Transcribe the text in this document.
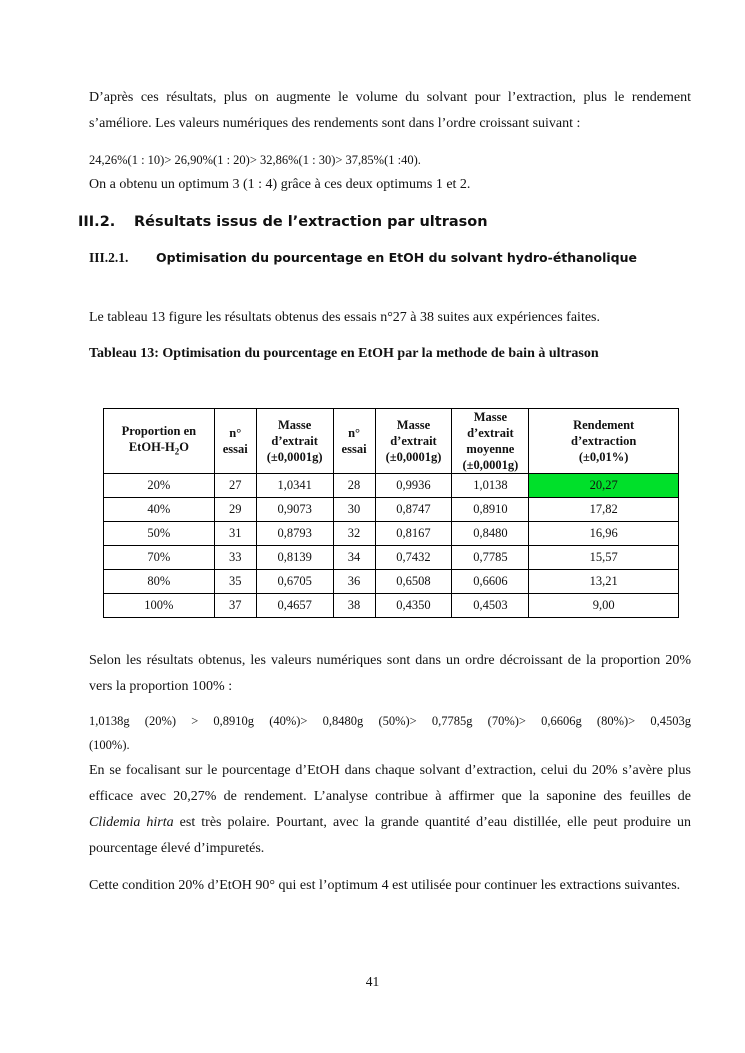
D’après ces résultats, plus on augmente le volume du solvant pour l’extraction, plus le rendement s’améliore. Les valeurs numériques des rendements sont dans l’ordre croissant suivant :

24,26%(1 : 10)> 26,90%(1 : 20)> 32,86%(1 : 30)> 37,85%(1 :40).

On a obtenu un optimum 3 (1 : 4) grâce à ces deux optimums 1 et 2.

III.2. Résultats issus de l’extraction par ultrason

III.2.1. Optimisation du pourcentage en EtOH du solvant hydro-éthanolique

Le tableau 13 figure les résultats obtenus des essais n°27 à 38 suites aux expériences faites.

Tableau 13: Optimisation du pourcentage en EtOH par la methode de bain à ultrason

Proportion en
EtOH-$H_2O$	n°
essai	Masse
d’extrait
(±0,0001g)	n°
essai	Masse
d’extrait
(±0,0001g)	Masse
d’extrait
moyenne
(±0,0001g)	Rendement
d’extraction
(±0,01%)
20%	27	1,0341	28	0,9936	1,0138	20,27
40%	29	0,9073	30	0,8747	0,8910	17,82
50%	31	0,8793	32	0,8167	0,8480	16,96
70%	33	0,8139	34	0,7432	0,7785	15,57
80%	35	0,6705	36	0,6508	0,6606	13,21
100%	37	0,4657	38	0,4350	0,4503	9,00

Selon les résultats obtenus, les valeurs numériques sont dans un ordre décroissant de la proportion 20% vers la proportion 100% :

1,0138g (20%) > 0,8910g (40%)> 0,8480g (50%)> 0,7785g (70%)> 0,6606g (80%)> 0,4503g

(100%).

En se focalisant sur le pourcentage d’EtOH dans chaque solvant d’extraction, celui du 20% s’avère plus efficace avec 20,27% de rendement. L’analyse contribue à affirmer que la saponine des feuilles de Clidemia hirta est très polaire. Pourtant, avec la grande quantité d’eau distillée, elle peut produire un pourcentage élevé d’impuretés.

Cette condition 20% d’EtOH 90° qui est l’optimum 4 est utilisée pour continuer les extractions suivantes.

41
